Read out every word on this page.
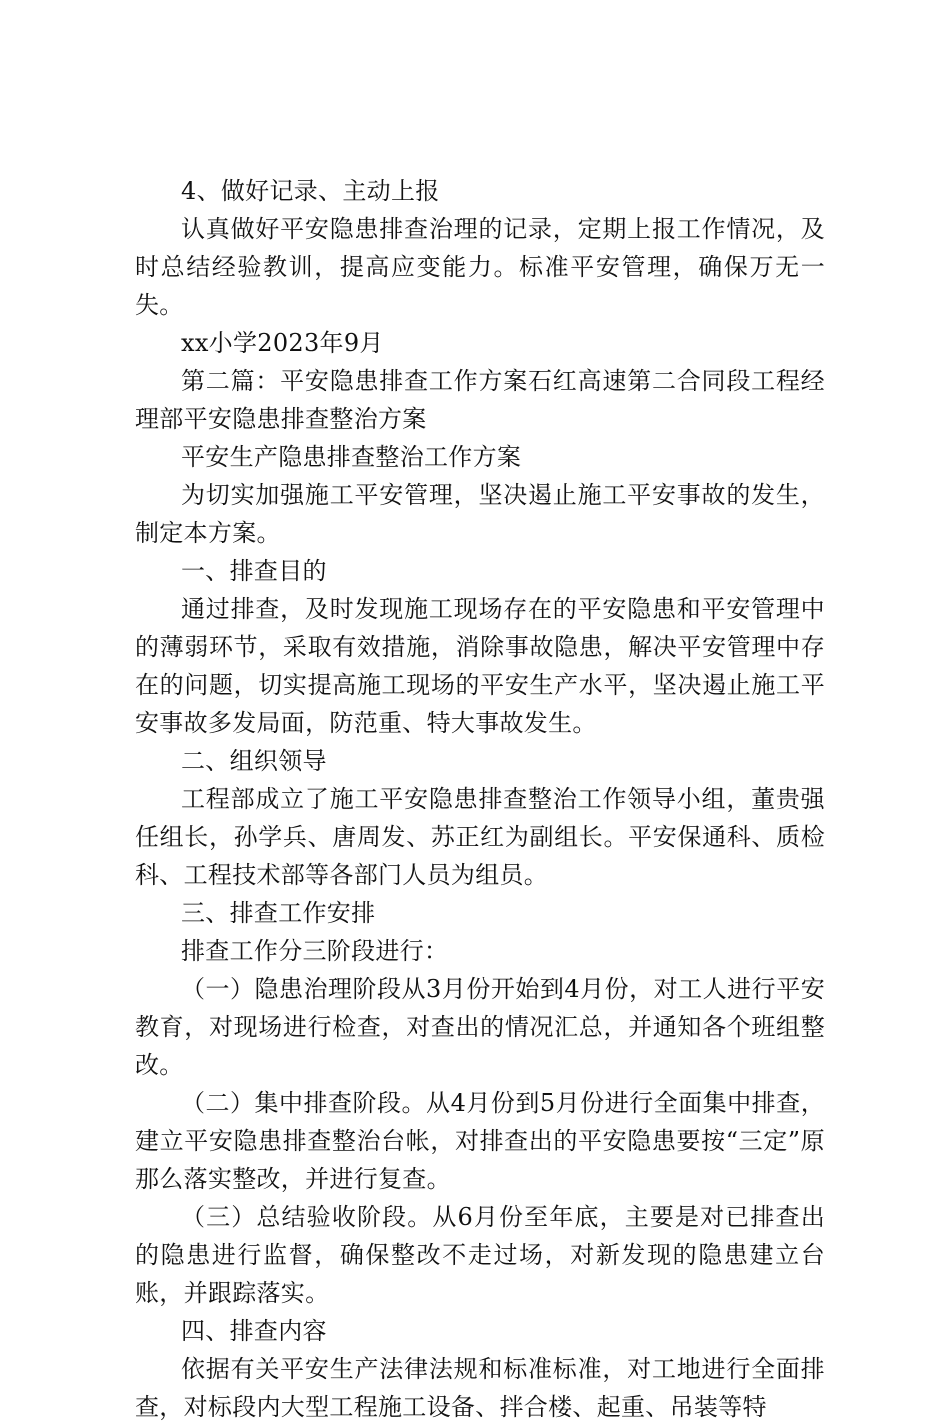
4、做好记录、主动上报

认真做好平安隐患排查治理的记录，定期上报工作情况，及时总结经验教训，提高应变能力。标准平安管理，确保万无一失。

xx小学2023年9月

第二篇：平安隐患排查工作方案石红高速第二合同段工程经理部平安隐患排查整治方案

平安生产隐患排查整治工作方案

为切实加强施工平安管理，坚决遏止施工平安事故的发生，制定本方案。

一、排查目的

通过排查，及时发现施工现场存在的平安隐患和平安管理中的薄弱环节，采取有效措施，消除事故隐患，解决平安管理中存在的问题，切实提高施工现场的平安生产水平，坚决遏止施工平安事故多发局面，防范重、特大事故发生。

二、组织领导

工程部成立了施工平安隐患排查整治工作领导小组，董贵强任组长，孙学兵、唐周发、苏正红为副组长。平安保通科、质检科、工程技术部等各部门人员为组员。

三、排查工作安排

排查工作分三阶段进行：

（一）隐患治理阶段从3月份开始到4月份，对工人进行平安教育，对现场进行检查，对查出的情况汇总，并通知各个班组整改。

（二）集中排查阶段。从4月份到5月份进行全面集中排查，建立平安隐患排查整治台帐，对排查出的平安隐患要按“三定”原那么落实整改，并进行复查。

（三）总结验收阶段。从6月份至年底，主要是对已排查出的隐患进行监督，确保整改不走过场，对新发现的隐患建立台账，并跟踪落实。

四、排查内容

依据有关平安生产法律法规和标准标准，对工地进行全面排查，对标段内大型工程施工设备、拌合楼、起重、吊装等特
